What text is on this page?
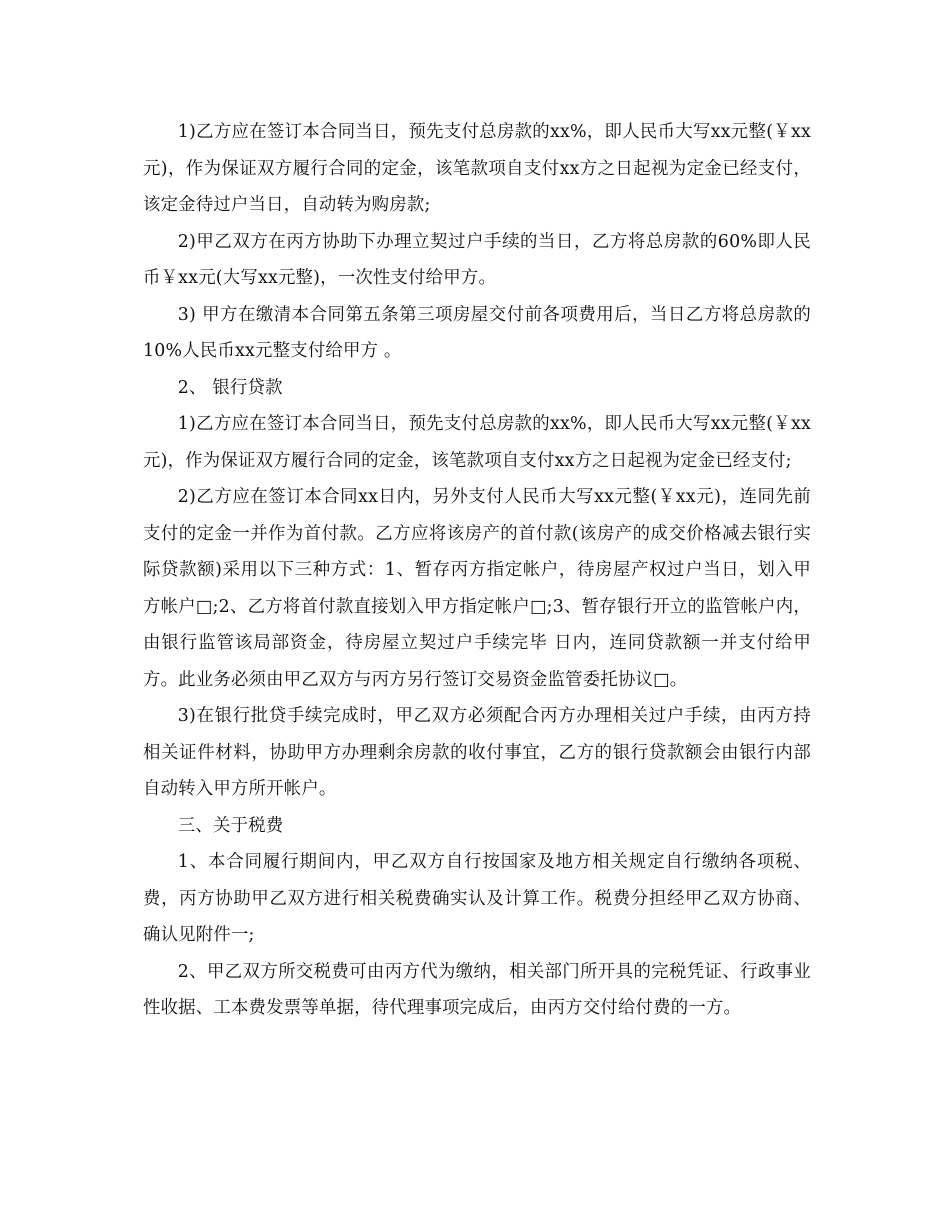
1)乙方应在签订本合同当日，预先支付总房款的xx%，即人民币大写xx元整(￥xx元)，作为保证双方履行合同的定金，该笔款项自支付xx方之日起视为定金已经支付，该定金待过户当日，自动转为购房款;

2)甲乙双方在丙方协助下办理立契过户手续的当日，乙方将总房款的60%即人民币￥xx元(大写xx元整)，一次性支付给甲方。

3) 甲方在缴清本合同第五条第三项房屋交付前各项费用后，当日乙方将总房款的10%人民币xx元整支付给甲方 。

2、 银行贷款

1)乙方应在签订本合同当日，预先支付总房款的xx%，即人民币大写xx元整(￥xx元)，作为保证双方履行合同的定金，该笔款项自支付xx方之日起视为定金已经支付;

2)乙方应在签订本合同xx日内，另外支付人民币大写xx元整(￥xx元)，连同先前支付的定金一并作为首付款。乙方应将该房产的首付款(该房产的成交价格减去银行实际贷款额)采用以下三种方式：1、暂存丙方指定帐户，待房屋产权过户当日，划入甲方帐户□;2、乙方将首付款直接划入甲方指定帐户□;3、暂存银行开立的监管帐户内，由银行监管该局部资金，待房屋立契过户手续完毕 日内，连同贷款额一并支付给甲方。此业务必须由甲乙双方与丙方另行签订交易资金监管委托协议□。

3)在银行批贷手续完成时，甲乙双方必须配合丙方办理相关过户手续，由丙方持相关证件材料，协助甲方办理剩余房款的收付事宜，乙方的银行贷款额会由银行内部自动转入甲方所开帐户。

三、关于税费

1、本合同履行期间内，甲乙双方自行按国家及地方相关规定自行缴纳各项税、费，丙方协助甲乙双方进行相关税费确实认及计算工作。税费分担经甲乙双方协商、确认见附件一;

2、甲乙双方所交税费可由丙方代为缴纳，相关部门所开具的完税凭证、行政事业性收据、工本费发票等单据，待代理事项完成后，由丙方交付给付费的一方。
